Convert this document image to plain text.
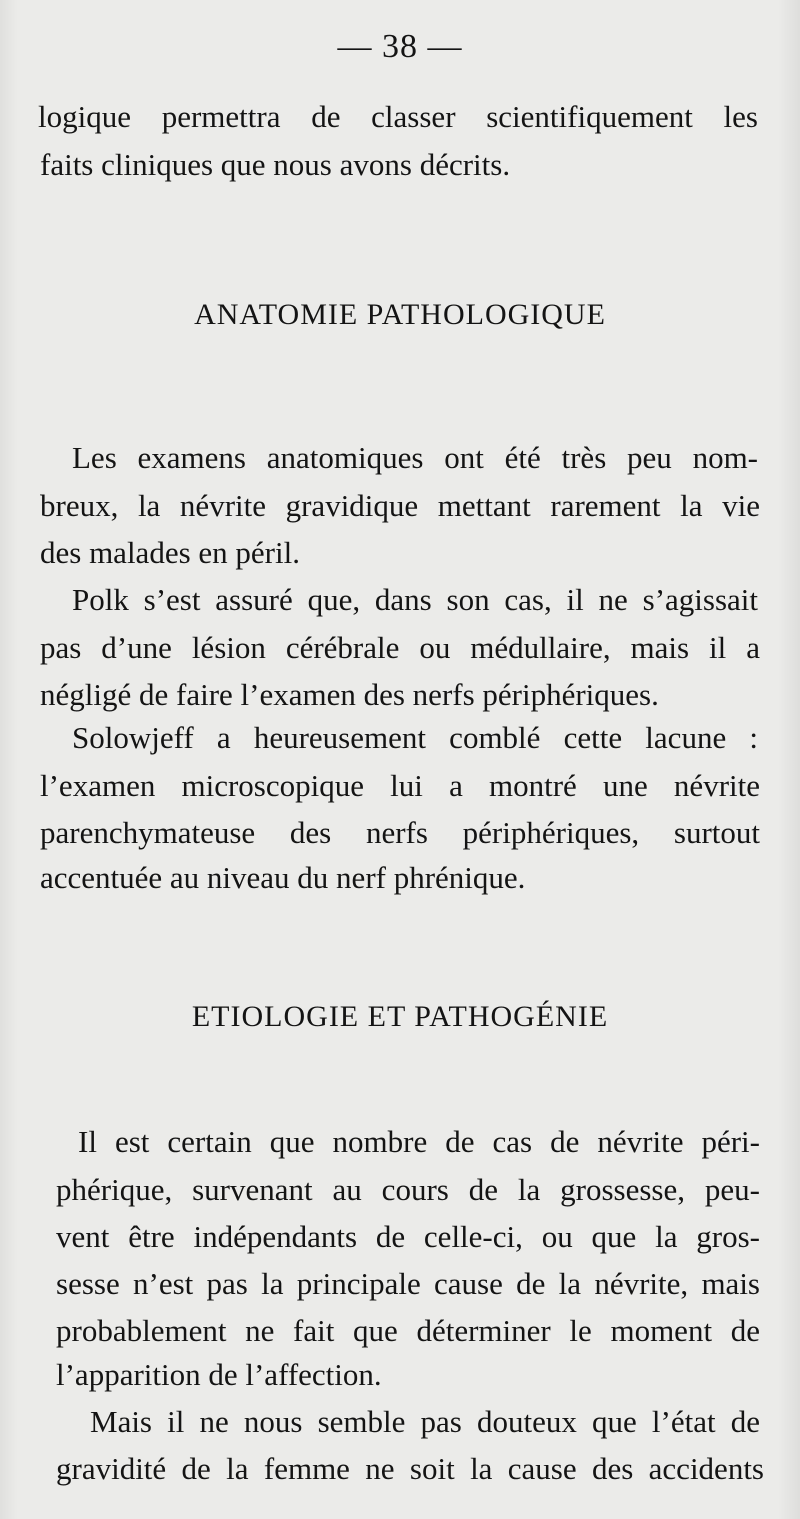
— 38 —
logique permettra de classer scientifiquement les
faits cliniques que nous avons décrits.
ANATOMIE PATHOLOGIQUE
Les examens anatomiques ont été très peu nom-
breux, la névrite gravidique mettant rarement la vie
des malades en péril.
Polk s’est assuré que, dans son cas, il ne s’agissait
pas d’une lésion cérébrale ou médullaire, mais il a
négligé de faire l’examen des nerfs périphériques.
Solowjeff a heureusement comblé cette lacune :
l’examen microscopique lui a montré une névrite
parenchymateuse des nerfs périphériques, surtout
accentuée au niveau du nerf phrénique.
ETIOLOGIE ET PATHOGÉNIE
Il est certain que nombre de cas de névrite péri-
phérique, survenant au cours de la grossesse, peu-
vent être indépendants de celle-ci, ou que la gros-
sesse n’est pas la principale cause de la névrite, mais
probablement ne fait que déterminer le moment de
l’apparition de l’affection.
Mais il ne nous semble pas douteux que l’état de
gravidité de la femme ne soit la cause des accidents
